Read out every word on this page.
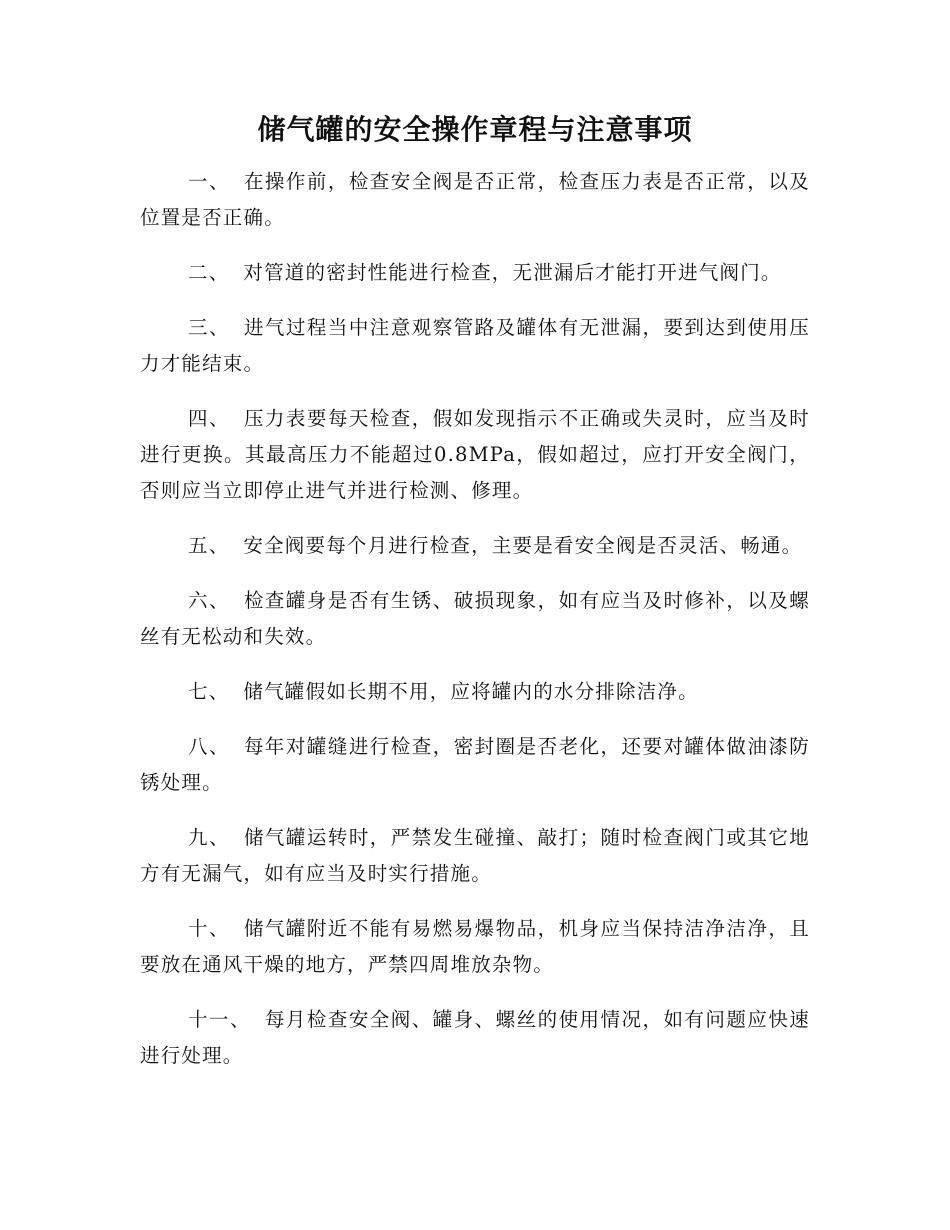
储气罐的安全操作章程与注意事项
一、 在操作前，检查安全阀是否正常，检查压力表是否正常，以及位置是否正确。
二、 对管道的密封性能进行检查，无泄漏后才能打开进气阀门。
三、 进气过程当中注意观察管路及罐体有无泄漏，要到达到使用压力才能结束。
四、 压力表要每天检查，假如发现指示不正确或失灵时，应当及时进行更换。其最高压力不能超过0.8MPa，假如超过，应打开安全阀门，否则应当立即停止进气并进行检测、修理。
五、 安全阀要每个月进行检查，主要是看安全阀是否灵活、畅通。
六、 检查罐身是否有生锈、破损现象，如有应当及时修补，以及螺丝有无松动和失效。
七、 储气罐假如长期不用，应将罐内的水分排除洁净。
八、 每年对罐缝进行检查，密封圈是否老化，还要对罐体做油漆防锈处理。
九、 储气罐运转时，严禁发生碰撞、敲打；随时检查阀门或其它地方有无漏气，如有应当及时实行措施。
十、 储气罐附近不能有易燃易爆物品，机身应当保持洁净洁净，且要放在通风干燥的地方，严禁四周堆放杂物。
十一、 每月检查安全阀、罐身、螺丝的使用情况，如有问题应快速进行处理。
